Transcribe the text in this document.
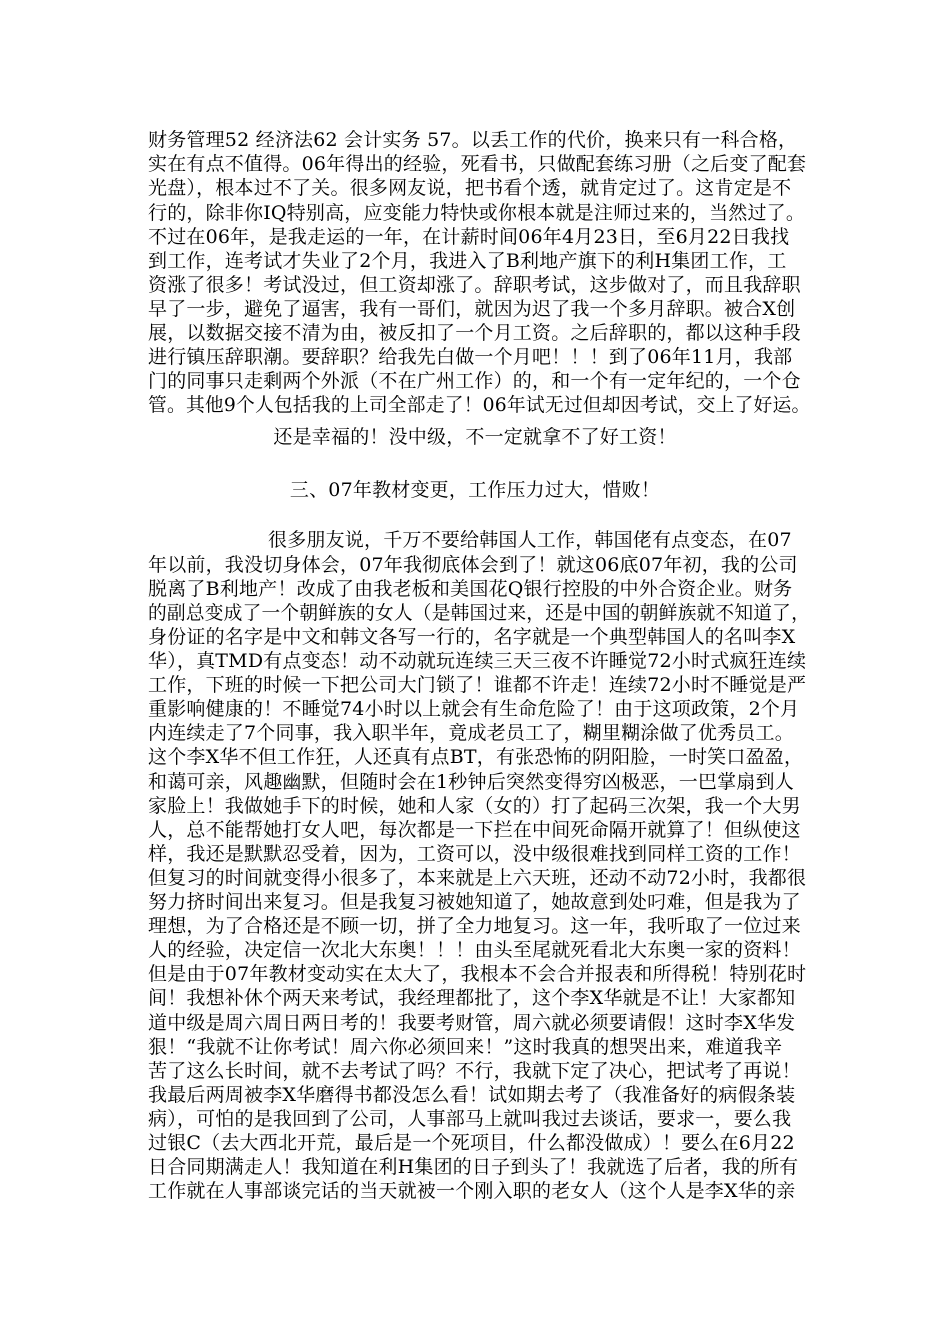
财务管理52 经济法62 会计实务 57。以丢工作的代价，换来只有一科合格，
实在有点不值得。06年得出的经验，死看书，只做配套练习册（之后变了配套
光盘），根本过不了关。很多网友说，把书看个透，就肯定过了。这肯定是不
行的，除非你IQ特别高，应变能力特快或你根本就是注师过来的，当然过了。
不过在06年，是我走运的一年，在计薪时间06年4月23日，至6月22日我找
到工作，连考试才失业了2个月，我进入了B利地产旗下的利H集团工作，工
资涨了很多！考试没过，但工资却涨了。辞职考试，这步做对了，而且我辞职
早了一步，避免了逼害，我有一哥们，就因为迟了我一个多月辞职。被合X创
展，以数据交接不清为由，被反扣了一个月工资。之后辞职的，都以这种手段
进行镇压辞职潮。要辞职？给我先白做一个月吧！！！到了06年11月，我部
门的同事只走剩两个外派（不在广州工作）的，和一个有一定年纪的，一个仓
管。其他9个人包括我的上司全部走了！06年试无过但却因考试，交上了好运。
还是幸福的！没中级，不一定就拿不了好工资！
三、07年教材变更，工作压力过大，惜败！
很多朋友说，千万不要给韩国人工作，韩国佬有点变态，在07
年以前，我没切身体会，07年我彻底体会到了！就这06底07年初，我的公司
脱离了B利地产！改成了由我老板和美国花Q银行控股的中外合资企业。财务
的副总变成了一个朝鲜族的女人（是韩国过来，还是中国的朝鲜族就不知道了，
身份证的名字是中文和韩文各写一行的，名字就是一个典型韩国人的名叫李X
华），真TMD有点变态！动不动就玩连续三天三夜不许睡觉72小时式疯狂连续
工作，下班的时候一下把公司大门锁了！谁都不许走！连续72小时不睡觉是严
重影响健康的！不睡觉74小时以上就会有生命危险了！由于这项政策，2个月
内连续走了7个同事，我入职半年，竟成老员工了，糊里糊涂做了优秀员工。
这个李X华不但工作狂，人还真有点BT，有张恐怖的阴阳脸，一时笑口盈盈，
和蔼可亲，风趣幽默，但随时会在1秒钟后突然变得穷凶极恶，一巴掌扇到人
家脸上！我做她手下的时候，她和人家（女的）打了起码三次架，我一个大男
人，总不能帮她打女人吧，每次都是一下拦在中间死命隔开就算了！但纵使这
样，我还是默默忍受着，因为，工资可以，没中级很难找到同样工资的工作！
但复习的时间就变得小很多了，本来就是上六天班，还动不动72小时，我都很
努力挤时间出来复习。但是我复习被她知道了，她故意到处叼难，但是我为了
理想，为了合格还是不顾一切，拼了全力地复习。这一年，我听取了一位过来
人的经验，决定信一次北大东奥！！！由头至尾就死看北大东奥一家的资料！
但是由于07年教材变动实在太大了，我根本不会合并报表和所得税！特别花时
间！我想补休个两天来考试，我经理都批了，这个李X华就是不让！大家都知
道中级是周六周日两日考的！我要考财管，周六就必须要请假！这时李X华发
狠！“我就不让你考试！周六你必须回来！”这时我真的想哭出来，难道我辛
苦了这么长时间，就不去考试了吗？不行，我就下定了决心，把试考了再说！
我最后两周被李X华磨得书都没怎么看！试如期去考了（我准备好的病假条装
病），可怕的是我回到了公司，人事部马上就叫我过去谈话，要求一，要么我
过银C（去大西北开荒，最后是一个死项目，什么都没做成）！要么在6月22
日合同期满走人！我知道在利H集团的日子到头了！我就选了后者，我的所有
工作就在人事部谈完话的当天就被一个刚入职的老女人（这个人是李X华的亲
